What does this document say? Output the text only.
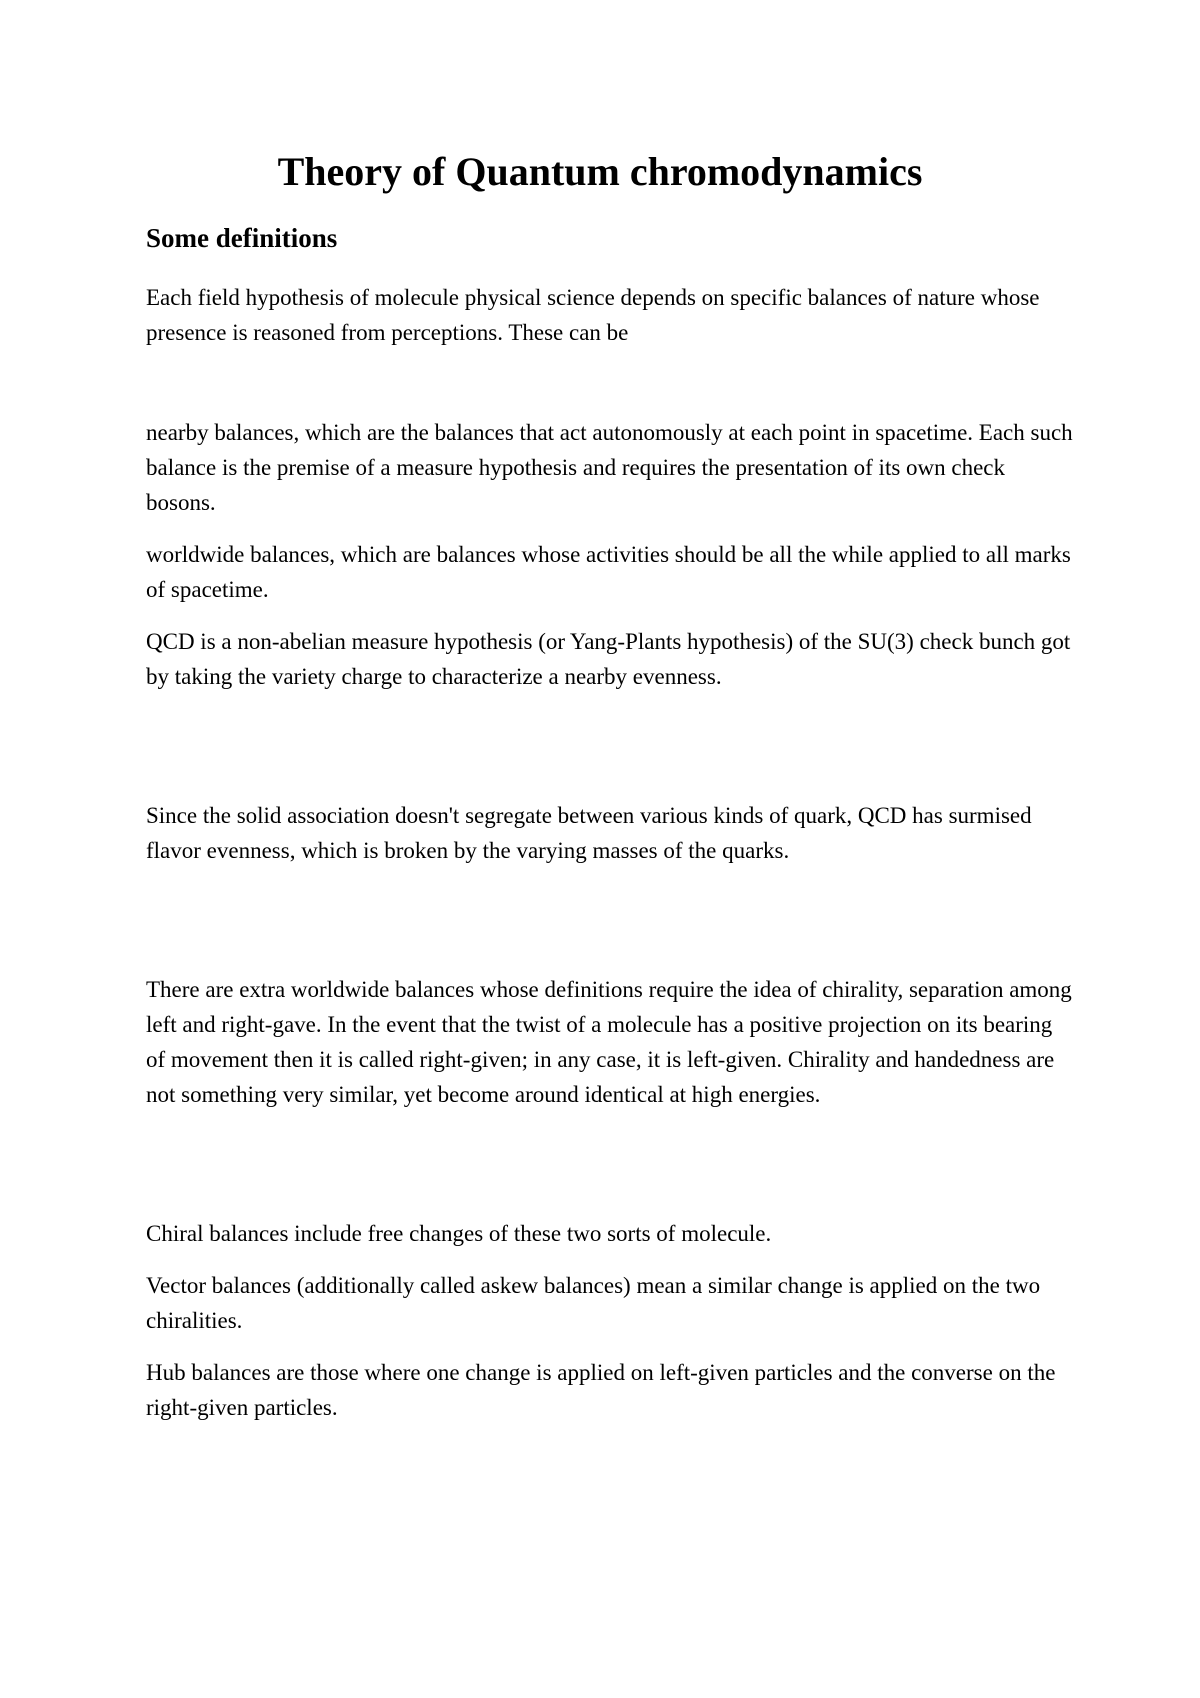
Theory of Quantum chromodynamics
Some definitions

Each field hypothesis of molecule physical science depends on specific balances of nature whose presence is reasoned from perceptions. These can be

nearby balances, which are the balances that act autonomously at each point in spacetime. Each such balance is the premise of a measure hypothesis and requires the presentation of its own check bosons.

worldwide balances, which are balances whose activities should be all the while applied to all marks of spacetime.

QCD is a non-abelian measure hypothesis (or Yang-Plants hypothesis) of the SU(3) check bunch got by taking the variety charge to characterize a nearby evenness.

Since the solid association doesn't segregate between various kinds of quark, QCD has surmised flavor evenness, which is broken by the varying masses of the quarks.

There are extra worldwide balances whose definitions require the idea of chirality, separation among left and right-gave. In the event that the twist of a molecule has a positive projection on its bearing of movement then it is called right-given; in any case, it is left-given. Chirality and handedness are not something very similar, yet become around identical at high energies.

Chiral balances include free changes of these two sorts of molecule.

Vector balances (additionally called askew balances) mean a similar change is applied on the two chiralities.

Hub balances are those where one change is applied on left-given particles and the converse on the right-given particles.
